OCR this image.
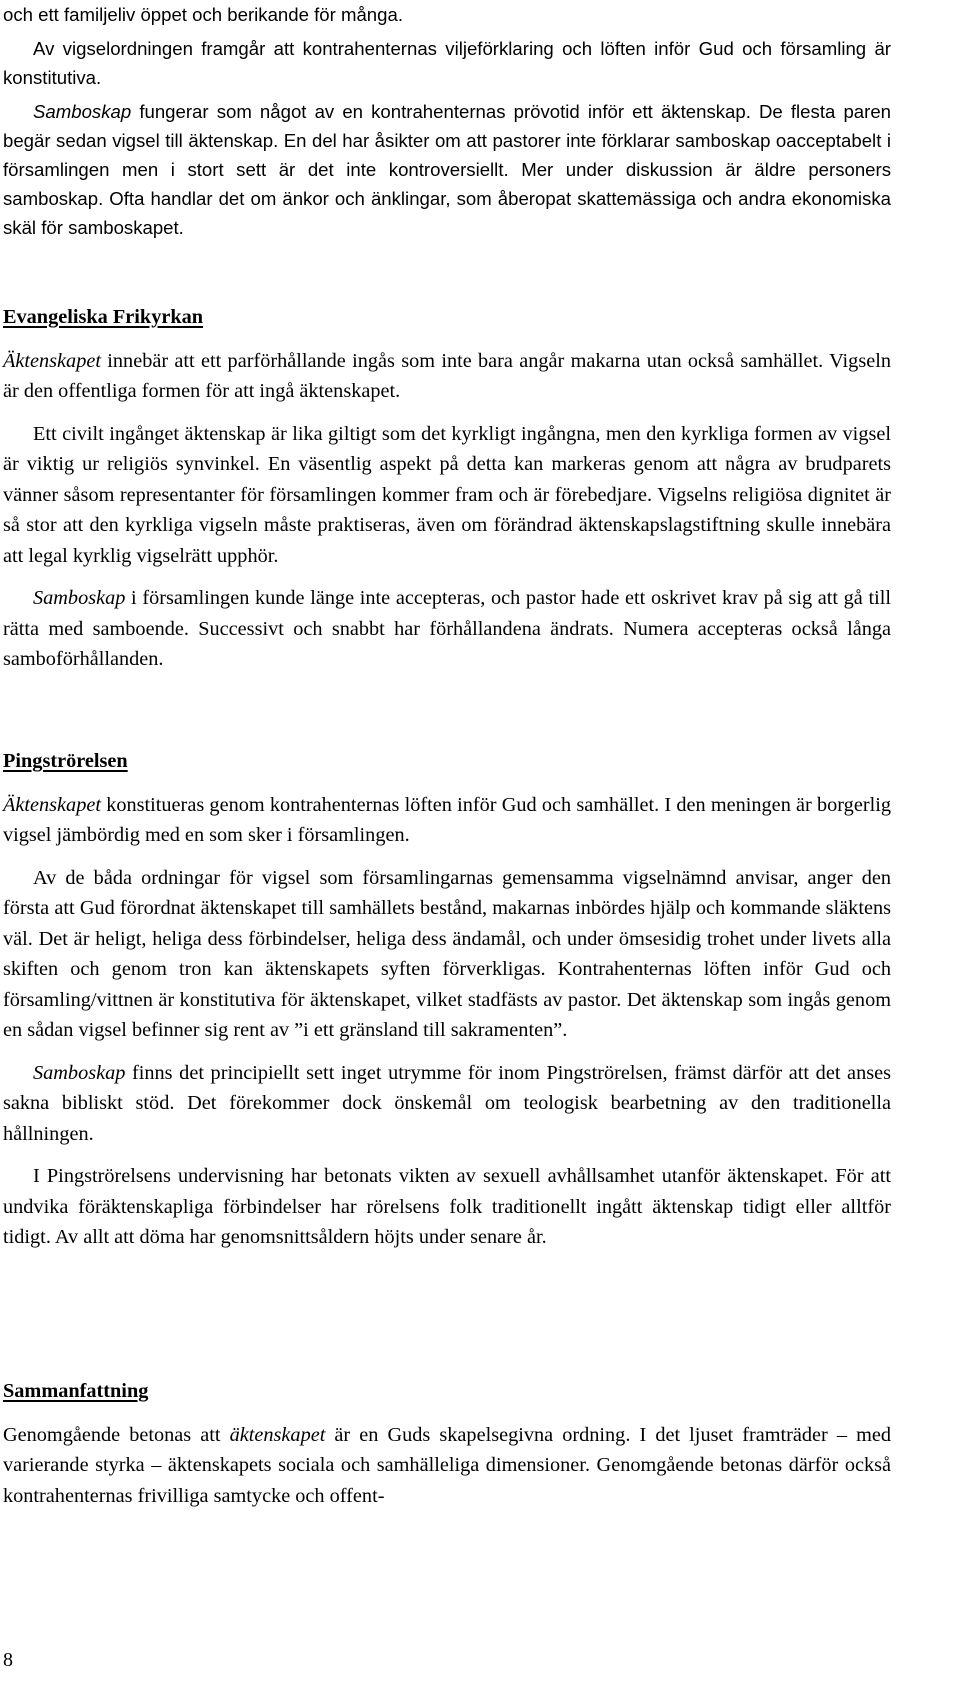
och ett familjeliv öppet och berikande för många.

Av vigselordningen framgår att kontrahenternas viljeförklaring och löften inför Gud och församling är konstitutiva.

Samboskap fungerar som något av en kontrahenternas prövotid inför ett äktenskap. De flesta paren begär sedan vigsel till äktenskap. En del har åsikter om att pastorer inte förklarar samboskap oacceptabelt i församlingen men i stort sett är det inte kontroversiellt. Mer under diskussion är äldre personers samboskap. Ofta handlar det om änkor och änklingar, som åberopat skattemässiga och andra ekonomiska skäl för samboskapet.

Evangeliska Frikyrkan

Äktenskapet innebär att ett parförhållande ingås som inte bara angår makarna utan också samhället. Vigseln är den offentliga formen för att ingå äktenskapet.

Ett civilt ingånget äktenskap är lika giltigt som det kyrkligt ingångna, men den kyrkliga formen av vigsel är viktig ur religiös synvinkel. En väsentlig aspekt på detta kan markeras genom att några av brudparets vänner såsom representanter för församlingen kommer fram och är förebedjare. Vigselns religiösa dignitet är så stor att den kyrkliga vigseln måste praktiseras, även om förändrad äktenskapslagstiftning skulle innebära att legal kyrklig vigselrätt upphör.

Samboskap i församlingen kunde länge inte accepteras, och pastor hade ett oskrivet krav på sig att gå till rätta med samboende. Successivt och snabbt har förhållandena ändrats. Numera accepteras också långa samboförhållanden.

Pingströrelsen

Äktenskapet konstitueras genom kontrahenternas löften inför Gud och samhället. I den meningen är borgerlig vigsel jämbördig med en som sker i församlingen.

Av de båda ordningar för vigsel som församlingarnas gemensamma vigselnämnd anvisar, anger den första att Gud förordnat äktenskapet till samhällets bestånd, makarnas inbördes hjälp och kommande släktens väl. Det är heligt, heliga dess förbindelser, heliga dess ändamål, och under ömsesidig trohet under livets alla skiften och genom tron kan äktenskapets syften förverkligas. Kontrahenternas löften inför Gud och församling/vittnen är konstitutiva för äktenskapet, vilket stadfästs av pastor. Det äktenskap som ingås genom en sådan vigsel befinner sig rent av ”i ett gränsland till sakramenten”.

Samboskap finns det principiellt sett inget utrymme för inom Pingströrelsen, främst därför att det anses sakna bibliskt stöd. Det förekommer dock önskemål om teologisk bearbetning av den traditionella hållningen.

I Pingströrelsens undervisning har betonats vikten av sexuell avhållsamhet utanför äktenskapet. För att undvika föräktenskapliga förbindelser har rörelsens folk traditionellt ingått äktenskap tidigt eller alltför tidigt. Av allt att döma har genomsnittsåldern höjts under senare år.

Sammanfattning

Genomgående betonas att äktenskapet är en Guds skapelsegivna ordning. I det ljuset framträder – med varierande styrka – äktenskapets sociala och samhälleliga dimensioner. Genomgående betonas därför också kontrahenternas frivilliga samtycke och offent-

8
